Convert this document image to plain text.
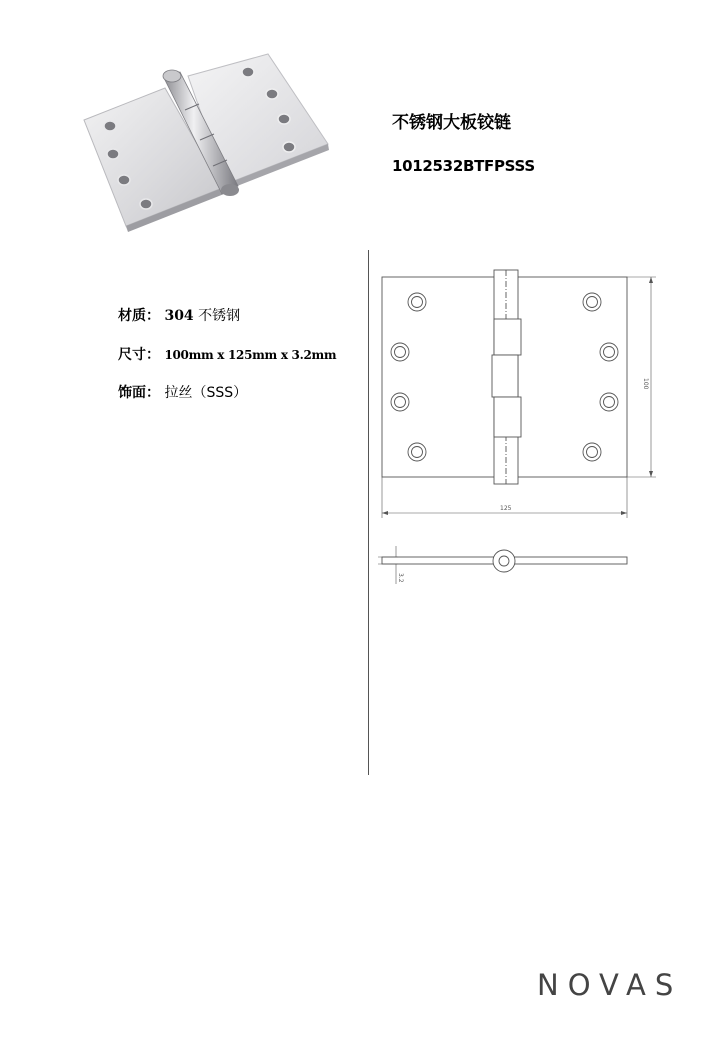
不锈钢大板铰链
1012532BTFPSSS
材质： 304 不锈钢
尺寸： 100mm x 125mm x 3.2mm
饰面： 拉丝（SSS）
100
125
3.2
NOVAS
